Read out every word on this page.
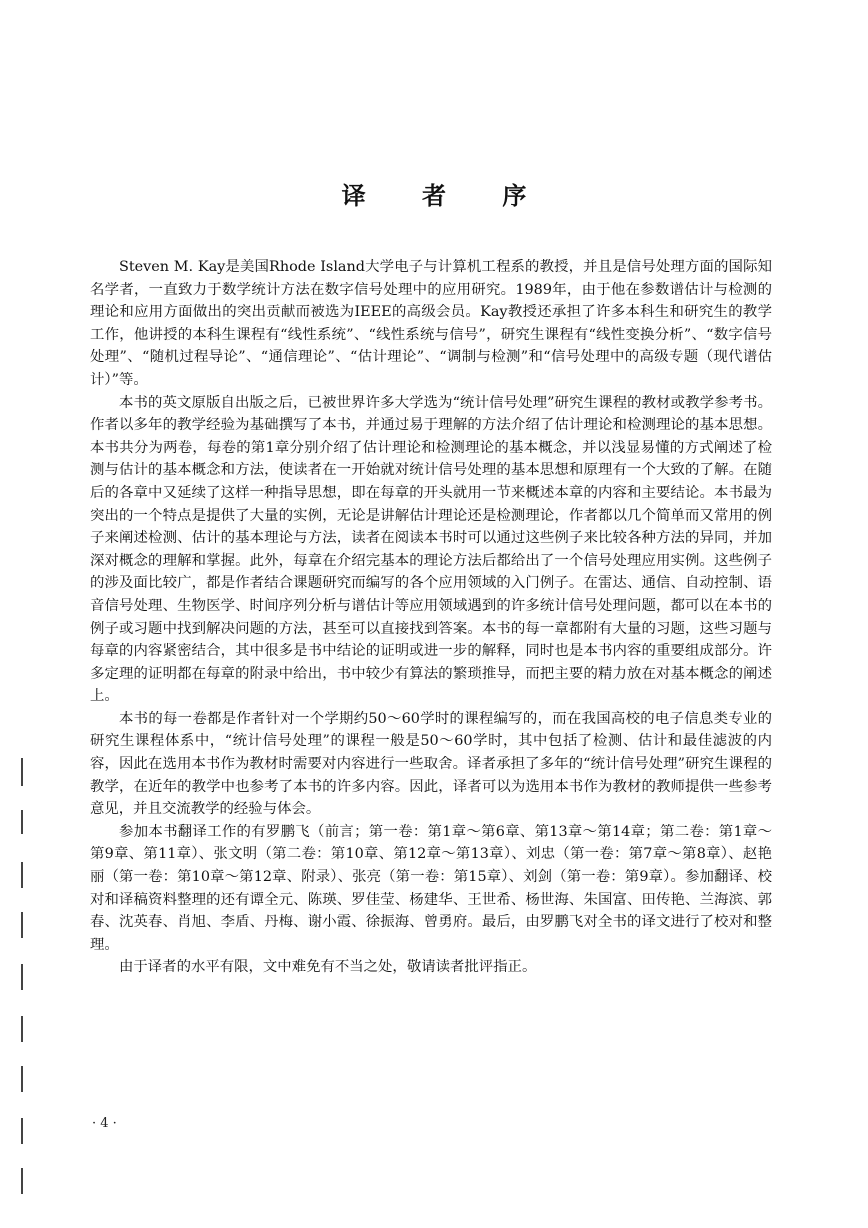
译 者 序

Steven M. Kay是美国Rhode Island大学电子与计算机工程系的教授，并且是信号处理方面的国际知名学者，一直致力于数学统计方法在数字信号处理中的应用研究。1989年，由于他在参数谱估计与检测的理论和应用方面做出的突出贡献而被选为IEEE的高级会员。Kay教授还承担了许多本科生和研究生的教学工作，他讲授的本科生课程有“线性系统”、“线性系统与信号”，研究生课程有“线性变换分析”、“数字信号处理”、“随机过程导论”、“通信理论”、“估计理论”、“调制与检测”和“信号处理中的高级专题（现代谱估计）”等。

本书的英文原版自出版之后，已被世界许多大学选为“统计信号处理”研究生课程的教材或教学参考书。作者以多年的教学经验为基础撰写了本书，并通过易于理解的方法介绍了估计理论和检测理论的基本思想。本书共分为两卷，每卷的第1章分别介绍了估计理论和检测理论的基本概念，并以浅显易懂的方式阐述了检测与估计的基本概念和方法，使读者在一开始就对统计信号处理的基本思想和原理有一个大致的了解。在随后的各章中又延续了这样一种指导思想，即在每章的开头就用一节来概述本章的内容和主要结论。本书最为突出的一个特点是提供了大量的实例，无论是讲解估计理论还是检测理论，作者都以几个简单而又常用的例子来阐述检测、估计的基本理论与方法，读者在阅读本书时可以通过这些例子来比较各种方法的异同，并加深对概念的理解和掌握。此外，每章在介绍完基本的理论方法后都给出了一个信号处理应用实例。这些例子的涉及面比较广，都是作者结合课题研究而编写的各个应用领域的入门例子。在雷达、通信、自动控制、语音信号处理、生物医学、时间序列分析与谱估计等应用领域遇到的许多统计信号处理问题，都可以在本书的例子或习题中找到解决问题的方法，甚至可以直接找到答案。本书的每一章都附有大量的习题，这些习题与每章的内容紧密结合，其中很多是书中结论的证明或进一步的解释，同时也是本书内容的重要组成部分。许多定理的证明都在每章的附录中给出，书中较少有算法的繁琐推导，而把主要的精力放在对基本概念的阐述上。

本书的每一卷都是作者针对一个学期约50～60学时的课程编写的，而在我国高校的电子信息类专业的研究生课程体系中，“统计信号处理”的课程一般是50～60学时，其中包括了检测、估计和最佳滤波的内容，因此在选用本书作为教材时需要对内容进行一些取舍。译者承担了多年的“统计信号处理”研究生课程的教学，在近年的教学中也参考了本书的许多内容。因此，译者可以为选用本书作为教材的教师提供一些参考意见，并且交流教学的经验与体会。

参加本书翻译工作的有罗鹏飞（前言；第一卷：第1章～第6章、第13章～第14章；第二卷：第1章～第9章、第11章）、张文明（第二卷：第10章、第12章～第13章）、刘忠（第一卷：第7章～第8章）、赵艳丽（第一卷：第10章～第12章、附录）、张亮（第一卷：第15章）、刘剑（第一卷：第9章）。参加翻译、校对和译稿资料整理的还有谭全元、陈瑛、罗佳莹、杨建华、王世希、杨世海、朱国富、田传艳、兰海滨、郭春、沈英春、肖旭、李盾、丹梅、谢小霞、徐振海、曾勇府。最后，由罗鹏飞对全书的译文进行了校对和整理。

由于译者的水平有限，文中难免有不当之处，敬请读者批评指正。

· 4 ·
